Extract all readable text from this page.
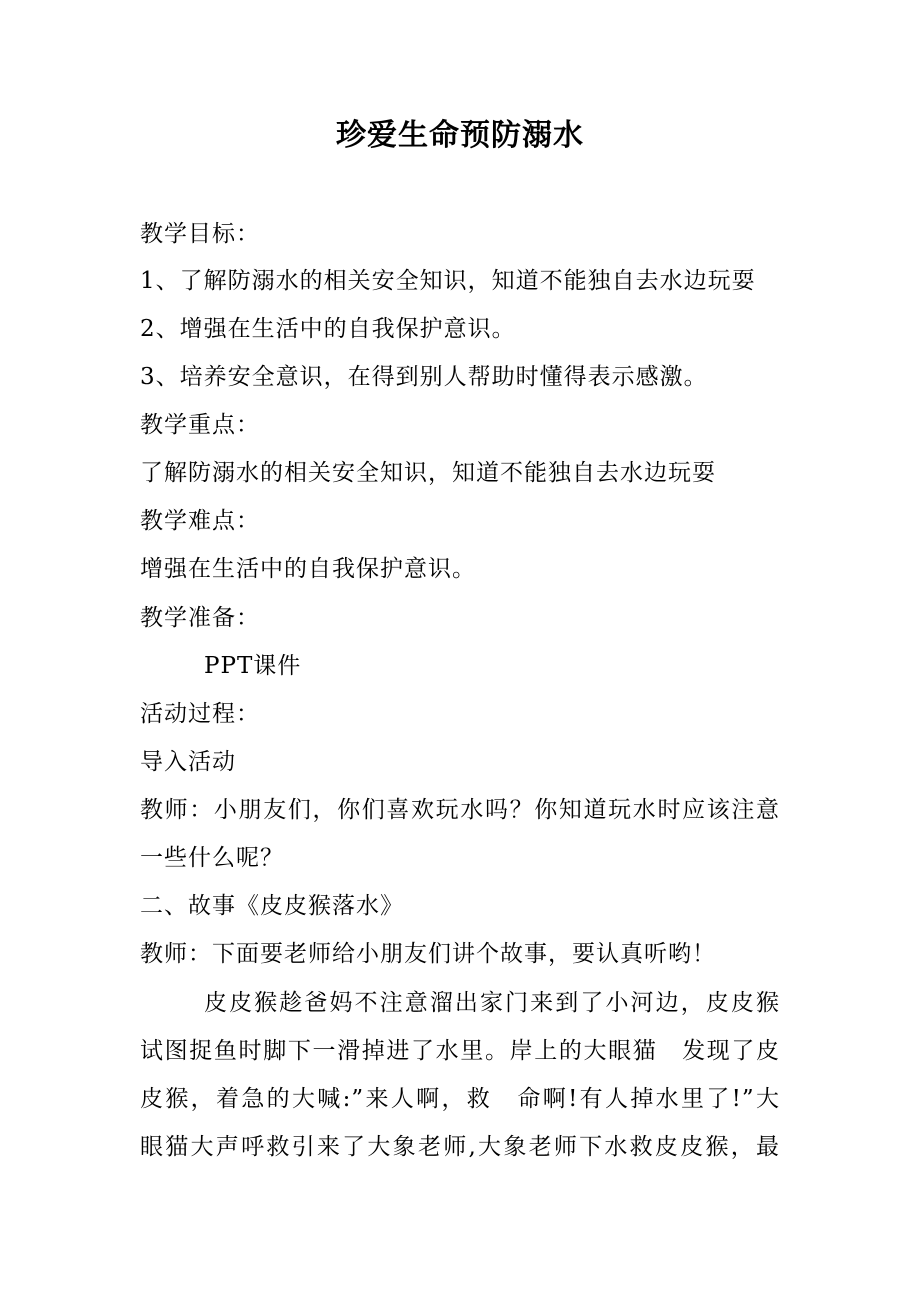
珍爱生命预防溺水
教学目标：
1、了解防溺水的相关安全知识，知道不能独自去水边玩耍
2、增强在生活中的自我保护意识。
3、培养安全意识，在得到别人帮助时懂得表示感激。
教学重点：
了解防溺水的相关安全知识，知道不能独自去水边玩耍
教学难点：
增强在生活中的自我保护意识。
教学准备：
PPT课件
活动过程：
导入活动
教师：小朋友们，你们喜欢玩水吗？你知道玩水时应该注意
一些什么呢？
二、故事《皮皮猴落水》
教师：下面要老师给小朋友们讲个故事，要认真听哟！
皮皮猴趁爸妈不注意溜出家门来到了小河边，皮皮猴
试图捉鱼时脚下一滑掉进了水里。岸上的大眼猫　发现了皮
皮猴，着急的大喊:”来人啊，救　命啊!有人掉水里了!”大
眼猫大声呼救引来了大象老师,大象老师下水救皮皮猴，最
